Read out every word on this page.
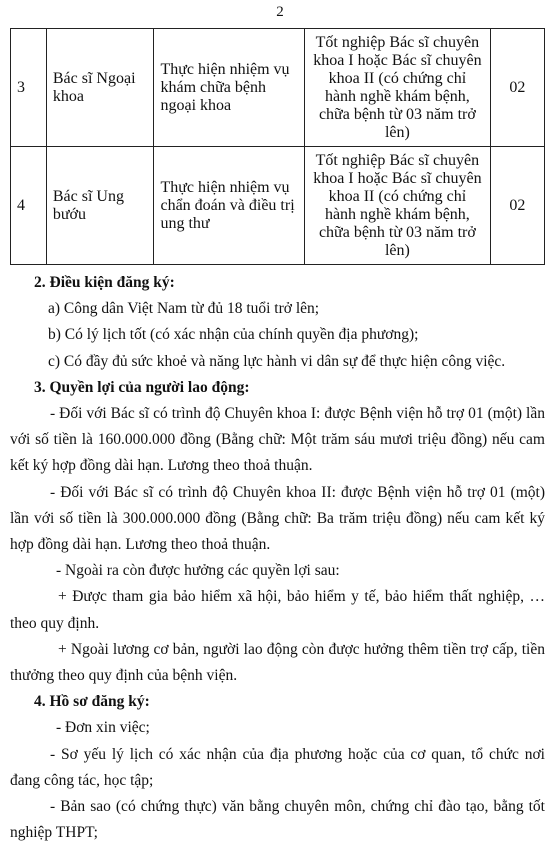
2
3	Bác sĩ Ngoại khoa	Thực hiện nhiệm vụ khám chữa bệnh ngoại khoa	Tốt nghiệp Bác sĩ chuyên khoa I hoặc Bác sĩ chuyên khoa II (có chứng chỉ hành nghề khám bệnh, chữa bệnh từ 03 năm trở lên)	02
4	Bác sĩ Ung bướu	Thực hiện nhiệm vụ chẩn đoán và điều trị ung thư	Tốt nghiệp Bác sĩ chuyên khoa I hoặc Bác sĩ chuyên khoa II (có chứng chỉ hành nghề khám bệnh, chữa bệnh từ 03 năm trở lên)	02

2. Điều kiện đăng ký:

a) Công dân Việt Nam từ đủ 18 tuổi trở lên;

b) Có lý lịch tốt (có xác nhận của chính quyền địa phương);

c) Có đầy đủ sức khoẻ và năng lực hành vi dân sự để thực hiện công việc.

3. Quyền lợi của người lao động:

- Đối với Bác sĩ có trình độ Chuyên khoa I: được Bệnh viện hỗ trợ 01 (một) lần với số tiền là 160.000.000 đồng (Bằng chữ: Một trăm sáu mươi triệu đồng) nếu cam kết ký hợp đồng dài hạn. Lương theo thoả thuận.

- Đối với Bác sĩ có trình độ Chuyên khoa II: được Bệnh viện hỗ trợ 01 (một) lần với số tiền là 300.000.000 đồng (Bằng chữ: Ba trăm triệu đồng) nếu cam kết ký hợp đồng dài hạn. Lương theo thoả thuận.

- Ngoài ra còn được hưởng các quyền lợi sau:

+ Được tham gia bảo hiểm xã hội, bảo hiểm y tế, bảo hiểm thất nghiệp, … theo quy định.

+ Ngoài lương cơ bản, người lao động còn được hưởng thêm tiền trợ cấp, tiền thưởng theo quy định của bệnh viện.

4. Hồ sơ đăng ký:

- Đơn xin việc;

- Sơ yếu lý lịch có xác nhận của địa phương hoặc của cơ quan, tổ chức nơi đang công tác, học tập;

- Bản sao (có chứng thực) văn bằng chuyên môn, chứng chỉ đào tạo, bằng tốt nghiệp THPT;
